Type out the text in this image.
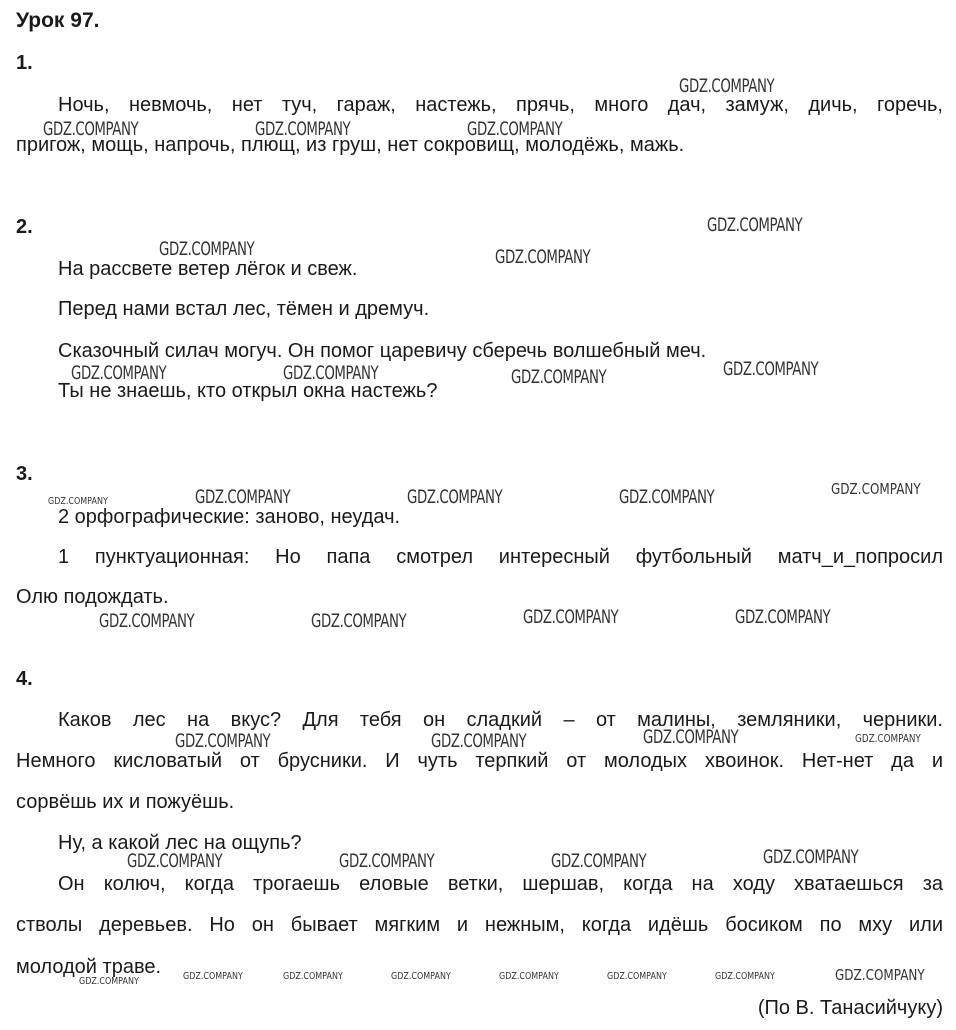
Урок 97.
1.
Ночь, невмочь, нет туч, гараж, настежь, прячь, много дач, замуж, дичь, горечь,
пригож, мощь, напрочь, плющ, из груш, нет сокровищ, молодёжь, мажь.
2.
На рассвете ветер лёгок и свеж.
Перед нами встал лес, тёмен и дремуч.
Сказочный силач могуч. Он помог царевичу сберечь волшебный меч.
Ты не знаешь, кто открыл окна настежь?
3.
2 орфографические: заново, неудач.
1 пунктуационная: Но папа смотрел интересный футбольный матч_и_попросил
Олю подождать.
4.
Каков лес на вкус? Для тебя он сладкий – от малины, земляники, черники.
Немного кисловатый от брусники. И чуть терпкий от молодых хвоинок. Нет-нет да и
сорвёшь их и пожуёшь.
Ну, а какой лес на ощупь?
Он колюч, когда трогаешь еловые ветки, шершав, когда на ходу хватаешься за
стволы деревьев. Но он бывает мягким и нежным, когда идёшь босиком по мху или
молодой траве.
(По В. Танасийчуку)
GDZ.COMPANY
GDZ.COMPANY	GDZ.COMPANY	GDZ.COMPANY
GDZ.COMPANY
GDZ.COMPANY	GDZ.COMPANY
GDZ.COMPANY
GDZ.COMPANY	GDZ.COMPANY	GDZ.COMPANY
GDZ.COMPANY	GDZ.COMPANY	GDZ.COMPANY
GDZ.COMPANY	GDZ.COMPANY	GDZ.COMPANY	GDZ.COMPANY
GDZ.COMPANY
GDZ.COMPANY	GDZ.COMPANY
GDZ.COMPANY
GDZ.COMPANY	GDZ.COMPANY	GDZ.COMPANY
GDZ.COMPANY
GDZ.COMPANY
GDZ.COMPANY
GDZ.COMPANY	GDZ.COMPANY	GDZ.COMPANY	GDZ.COMPANY	GDZ.COMPANY	GDZ.COMPANY	GDZ.COMPANY	GDZ.COMPANY
